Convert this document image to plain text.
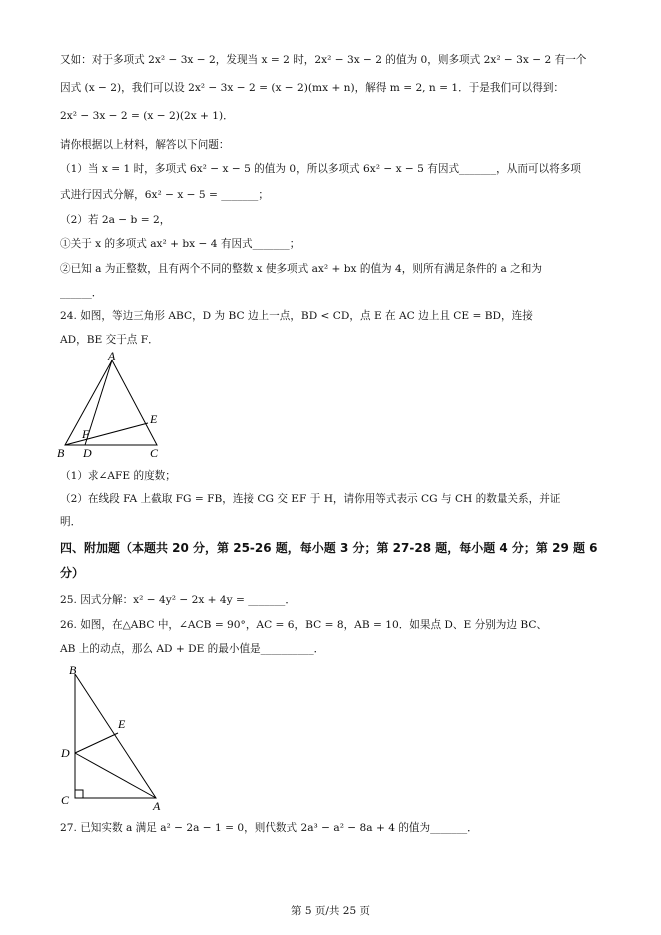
又如：对于多项式 2x² − 3x − 2，发现当 x = 2 时，2x² − 3x − 2 的值为 0，则多项式 2x² − 3x − 2 有一个
因式 (x − 2)，我们可以设 2x² − 3x − 2 = (x − 2)(mx + n)，解得 m = 2, n = 1．于是我们可以得到：
2x² − 3x − 2 = (x − 2)(2x + 1)．
请你根据以上材料，解答以下问题：
（1）当 x = 1 时，多项式 6x² − x − 5 的值为 0，所以多项式 6x² − x − 5 有因式_______，从而可以将多项
式进行因式分解，6x² − x − 5 = _______；
（2）若 2a − b = 2，
①关于 x 的多项式 ax² + bx − 4 有因式_______；
②已知 a 为正整数，且有两个不同的整数 x 使多项式 ax² + bx 的值为 4，则所有满足条件的 a 之和为
______．
24. 如图，等边三角形 ABC，D 为 BC 边上一点，BD < CD，点 E 在 AC 边上且 CE = BD，连接
AD，BE 交于点 F．
A
B	C
D
E
F
（1）求∠AFE 的度数；
（2）在线段 FA 上截取 FG = FB，连接 CG 交 EF 于 H，请你用等式表示 CG 与 CH 的数量关系，并证
明．
四、附加题（本题共 20 分，第 25-26 题，每小题 3 分；第 27-28 题，每小题 4 分；第 29 题 6
分）
25. 因式分解：x² − 4y² − 2x + 4y = _______．
26. 如图，在△ABC 中，∠ACB = 90°，AC = 6，BC = 8，AB = 10．如果点 D、E 分别为边 BC、
AB 上的动点，那么 AD + DE 的最小值是__________．
B
C	A
D
E
27. 已知实数 a 满足 a² − 2a − 1 = 0，则代数式 2a³ − a² − 8a + 4 的值为_______．
第 5 页/共 25 页
